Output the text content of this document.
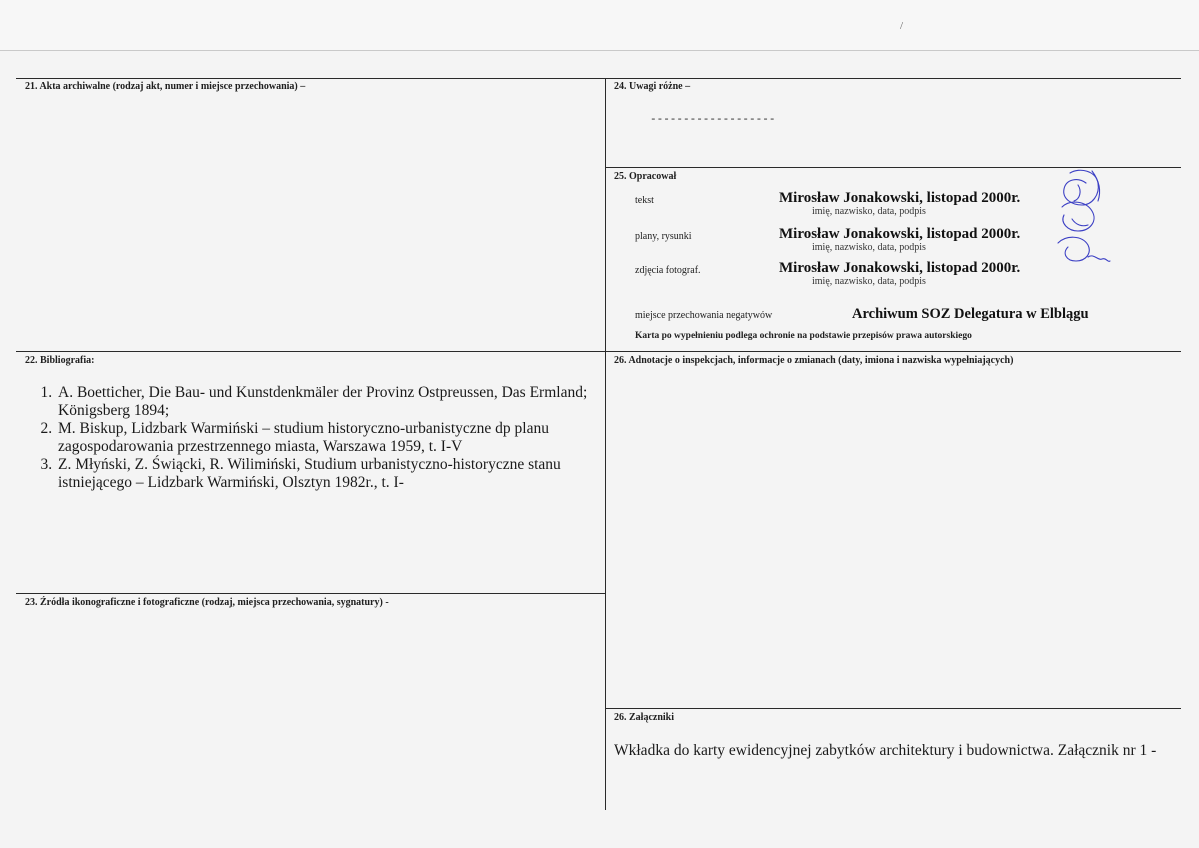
/
21. Akta archiwalne (rodzaj akt, numer i miejsce przechowania) –	24. Uwagi różne –
-------------------
25. Opracował
tekst	Mirosław Jonakowski, listopad 2000r.
imię, nazwisko, data, podpis
plany, rysunki	Mirosław Jonakowski, listopad 2000r.
imię, nazwisko, data, podpis
zdjęcia fotograf.	Mirosław Jonakowski, listopad 2000r.
imię, nazwisko, data, podpis
miejsce przechowania negatywów	Archiwum SOZ Delegatura w Elblągu
Karta po wypełnieniu podlega ochronie na podstawie przepisów prawa autorskiego
22. Bibliografia:
1. A. Boetticher, Die Bau- und Kunstdenkmäler der Provinz Ostpreussen, Das Ermland; Königsberg 1894;
2. M. Biskup, Lidzbark Warmiński – studium historyczno-urbanistyczne dp planu zagospodarowania przestrzennego miasta, Warszawa 1959, t. I-V
3. Z. Młyński, Z. Świącki, R. Wilimiński, Studium urbanistyczno-historyczne stanu istniejącego – Lidzbark Warmiński, Olsztyn 1982r., t. I-
26. Adnotacje o inspekcjach, informacje o zmianach (daty, imiona i nazwiska wypełniających)
23. Źródła ikonograficzne i fotograficzne (rodzaj, miejsca przechowania, sygnatury) -
26. Załączniki
Wkładka do karty ewidencyjnej zabytków architektury i budownictwa. Załącznik nr 1 -
